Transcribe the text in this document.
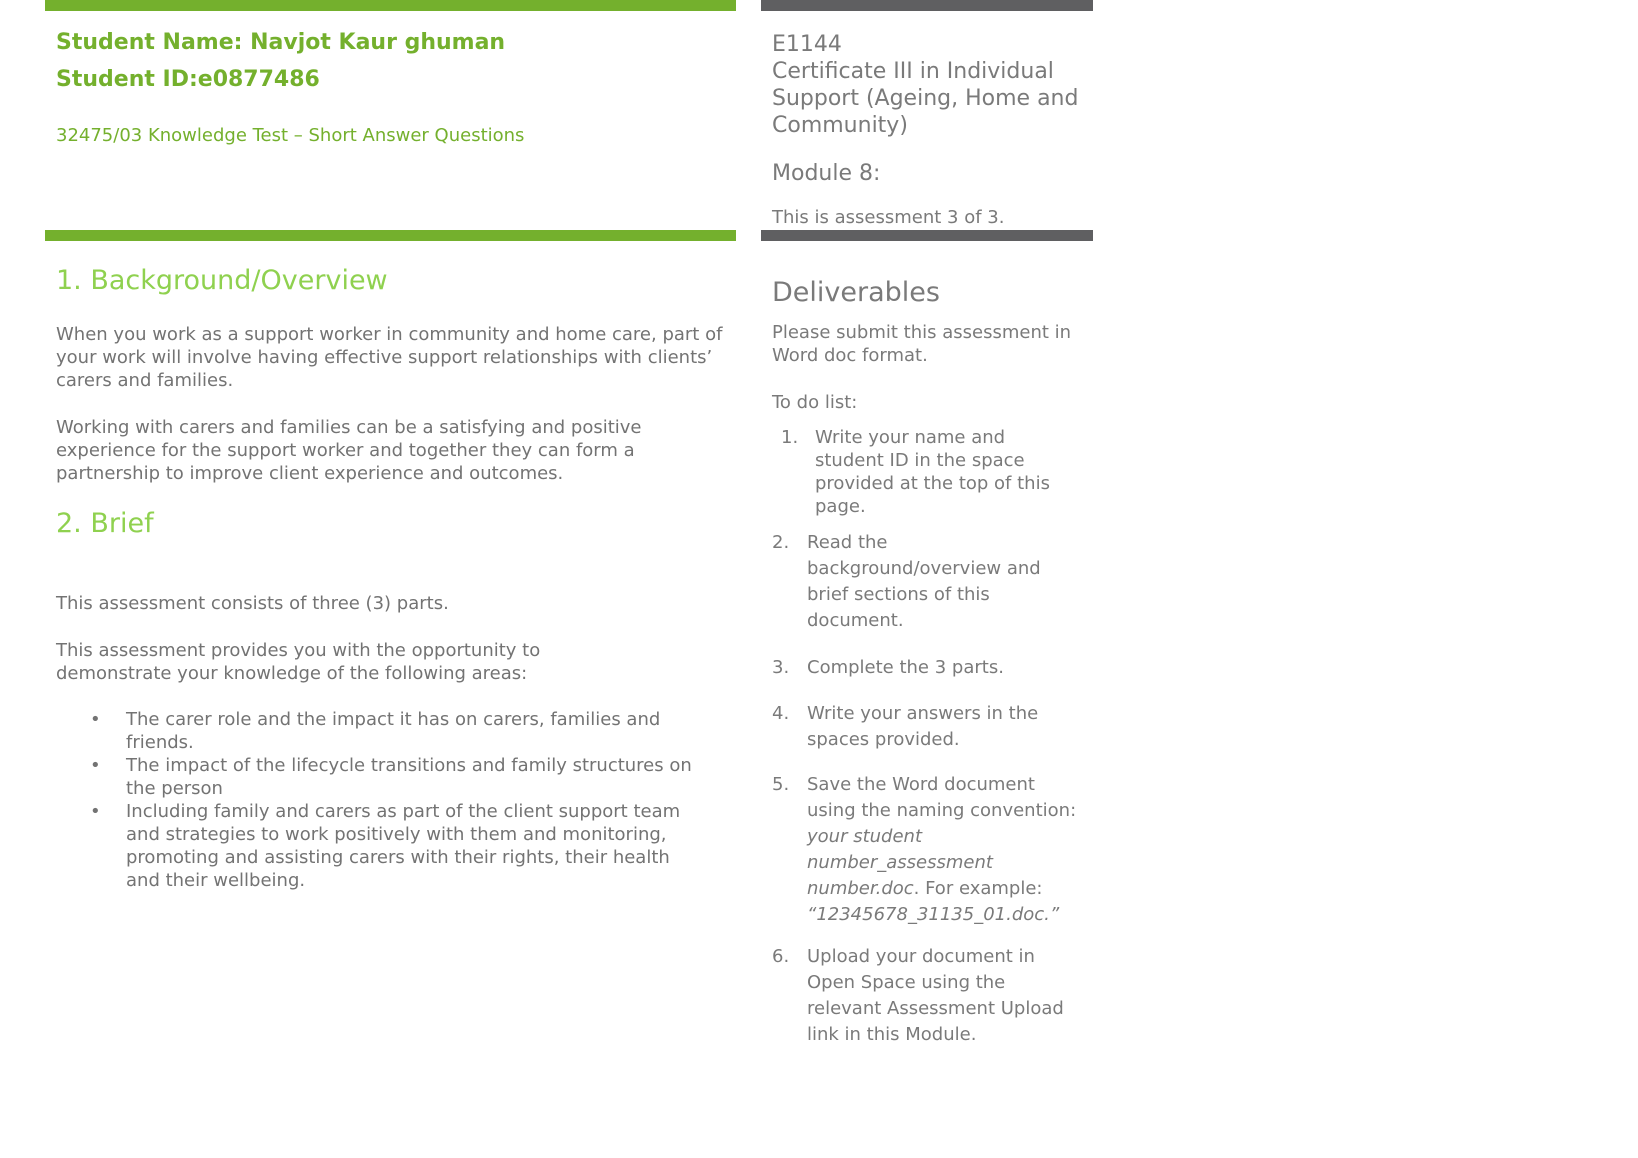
Student Name: Navjot Kaur ghuman
Student ID:e0877486
32475/03 Knowledge Test – Short Answer Questions
E1144
Certificate III in Individual Support (Ageing, Home and Community)
Module 8:
This is assessment 3 of 3.
1. Background/Overview
When you work as a support worker in community and home care, part of your work will involve having effective support relationships with clients’ carers and families.
Working with carers and families can be a satisfying and positive experience for the support worker and together they can form a partnership to improve client experience and outcomes.
2. Brief
This assessment consists of three (3) parts.
This assessment provides you with the opportunity to demonstrate your knowledge of the following areas:
• The carer role and the impact it has on carers, families and friends.
• The impact of the lifecycle transitions and family structures on the person
• Including family and carers as part of the client support team and strategies to work positively with them and monitoring, promoting and assisting carers with their rights, their health and their wellbeing.
Deliverables
Please submit this assessment in Word doc format.
To do list:
1. Write your name and student ID in the space provided at the top of this page.
2. Read the background/overview and brief sections of this document.
3. Complete the 3 parts.
4. Write your answers in the spaces provided.
5. Save the Word document using the naming convention: your student number_assessment number.doc. For example: “12345678_31135_01.doc.”
6. Upload your document in Open Space using the relevant Assessment Upload link in this Module.
